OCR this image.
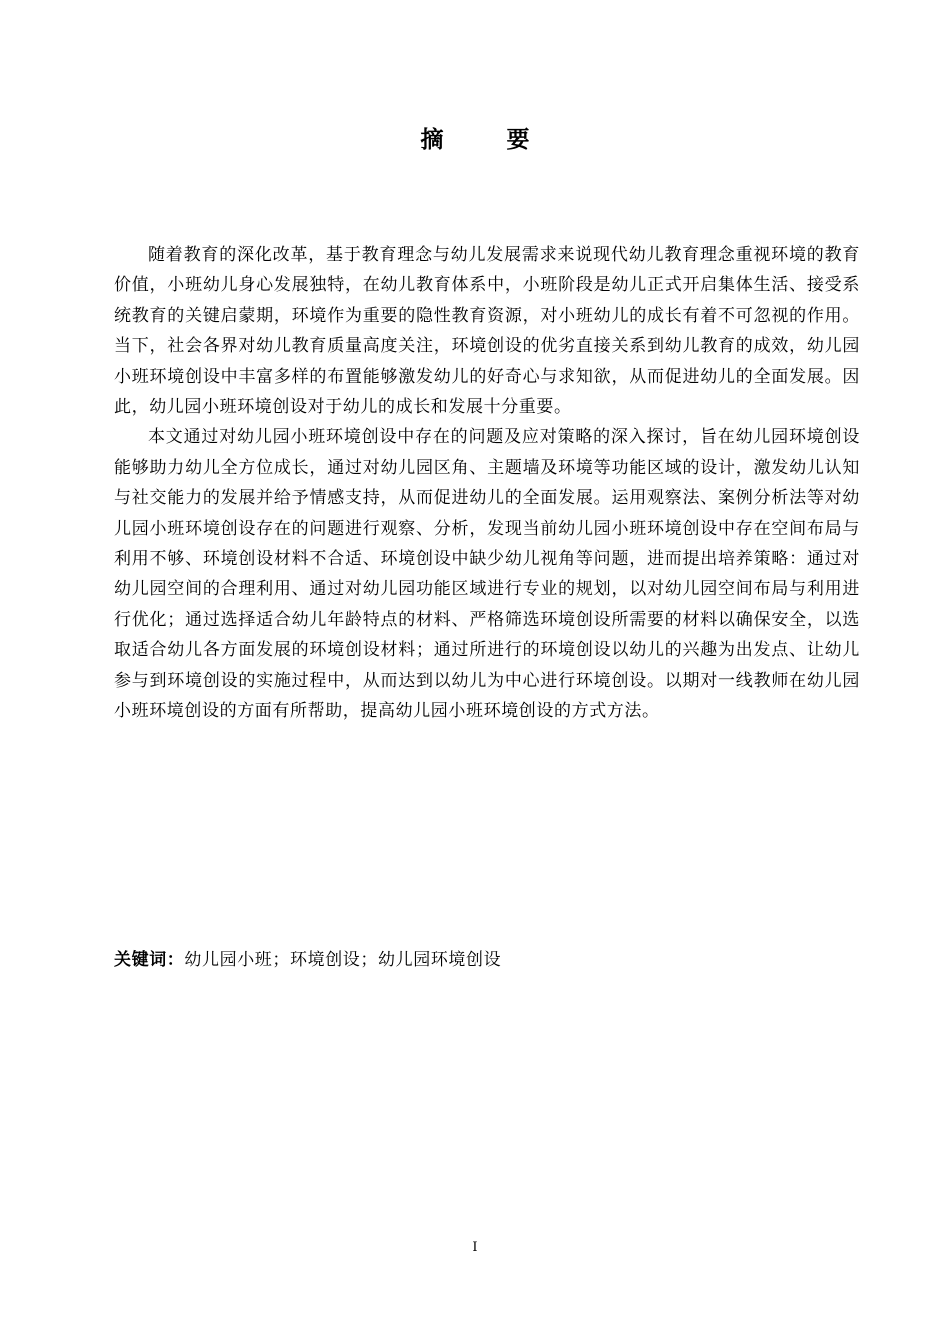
摘　要

随着教育的深化改革，基于教育理念与幼儿发展需求来说现代幼儿教育理念重视环境的教育价值，小班幼儿身心发展独特，在幼儿教育体系中，小班阶段是幼儿正式开启集体生活、接受系统教育的关键启蒙期，环境作为重要的隐性教育资源，对小班幼儿的成长有着不可忽视的作用。当下，社会各界对幼儿教育质量高度关注，环境创设的优劣直接关系到幼儿教育的成效，幼儿园小班环境创设中丰富多样的布置能够激发幼儿的好奇心与求知欲，从而促进幼儿的全面发展。因此，幼儿园小班环境创设对于幼儿的成长和发展十分重要。

本文通过对幼儿园小班环境创设中存在的问题及应对策略的深入探讨，旨在幼儿园环境创设能够助力幼儿全方位成长，通过对幼儿园区角、主题墙及环境等功能区域的设计，激发幼儿认知与社交能力的发展并给予情感支持，从而促进幼儿的全面发展。运用观察法、案例分析法等对幼儿园小班环境创设存在的问题进行观察、分析，发现当前幼儿园小班环境创设中存在空间布局与利用不够、环境创设材料不合适、环境创设中缺少幼儿视角等问题，进而提出培养策略：通过对幼儿园空间的合理利用、通过对幼儿园功能区域进行专业的规划，以对幼儿园空间布局与利用进行优化；通过选择适合幼儿年龄特点的材料、严格筛选环境创设所需要的材料以确保安全，以选取适合幼儿各方面发展的环境创设材料；通过所进行的环境创设以幼儿的兴趣为出发点、让幼儿参与到环境创设的实施过程中，从而达到以幼儿为中心进行环境创设。以期对一线教师在幼儿园小班环境创设的方面有所帮助，提高幼儿园小班环境创设的方式方法。

关键词：幼儿园小班；环境创设；幼儿园环境创设
I
